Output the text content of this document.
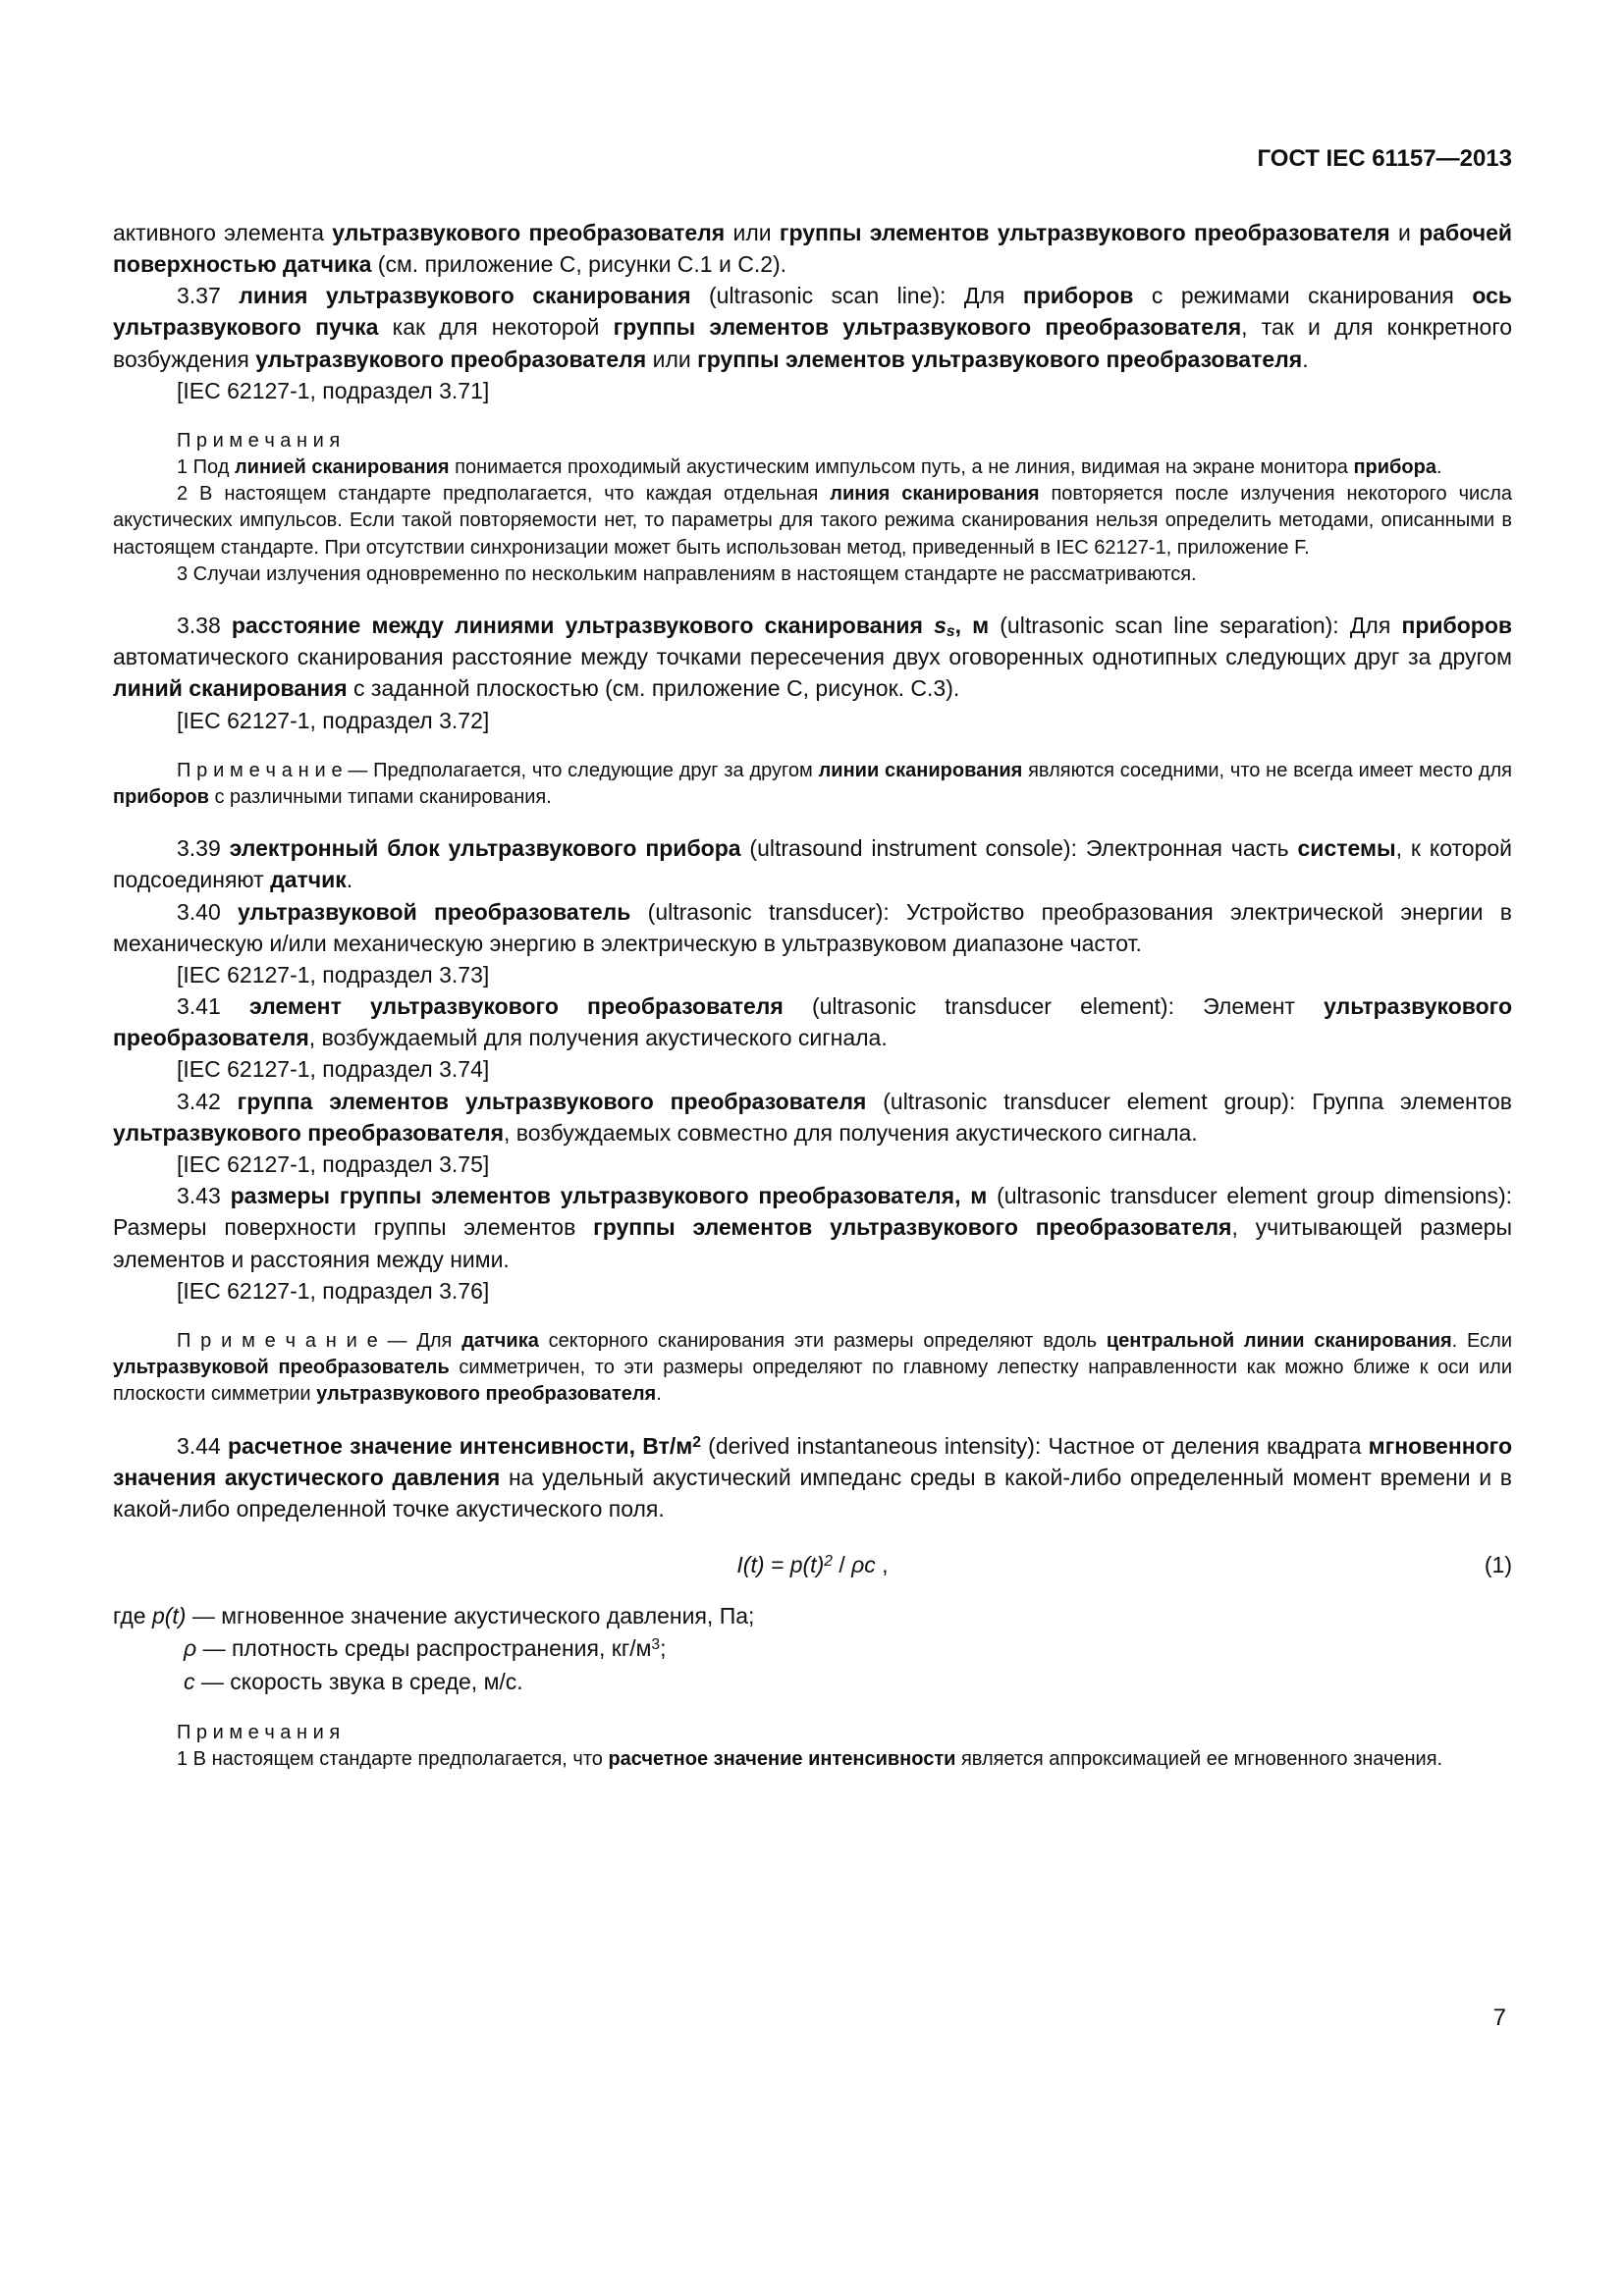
ГОСТ IEC 61157—2013

активного элемента ультразвукового преобразователя или группы элементов ультразвукового преобразователя и рабочей поверхностью датчика (см. приложение С, рисунки С.1 и С.2).

3.37 линия ультразвукового сканирования (ultrasonic scan line): Для приборов с режимами сканирования ось ультразвукового пучка как для некоторой группы элементов ультразвукового преобразователя, так и для конкретного возбуждения ультразвукового преобразователя или группы элементов ультразвукового преобразователя.

[IEC 62127-1, подраздел 3.71]

П р и м е ч а н и я

1 Под линией сканирования понимается проходимый акустическим импульсом путь, а не линия, видимая на экране монитора прибора.

2 В настоящем стандарте предполагается, что каждая отдельная линия сканирования повторяется после излучения некоторого числа акустических импульсов. Если такой повторяемости нет, то параметры для такого режима сканирования нельзя определить методами, описанными в настоящем стандарте. При отсутствии синхронизации может быть использован метод, приведенный в IEC 62127-1, приложение F.

3 Случаи излучения одновременно по нескольким направлениям в настоящем стандарте не рассматриваются.

3.38 расстояние между линиями ультразвукового сканирования $s_s$, м (ultrasonic scan line separation): Для приборов автоматического сканирования расстояние между точками пересечения двух оговоренных однотипных следующих друг за другом линий сканирования с заданной плоскостью (см. приложение С, рисунок. С.3).

[IEC 62127-1, подраздел 3.72]

П р и м е ч а н и е — Предполагается, что следующие друг за другом линии сканирования являются соседними, что не всегда имеет место для приборов с различными типами сканирования.

3.39 электронный блок ультразвукового прибора (ultrasound instrument console): Электронная часть системы, к которой подсоединяют датчик.

3.40 ультразвуковой преобразователь (ultrasonic transducer): Устройство преобразования электрической энергии в механическую и/или механическую энергию в электрическую в ультразвуковом диапазоне частот.

[IEC 62127-1, подраздел 3.73]

3.41 элемент ультразвукового преобразователя (ultrasonic transducer element): Элемент ультразвукового преобразователя, возбуждаемый для получения акустического сигнала.

[IEC 62127-1, подраздел 3.74]

3.42 группа элементов ультразвукового преобразователя (ultrasonic transducer element group): Группа элементов ультразвукового преобразователя, возбуждаемых совместно для получения акустического сигнала.

[IEC 62127-1, подраздел 3.75]

3.43 размеры группы элементов ультразвукового преобразователя, м (ultrasonic transducer element group dimensions): Размеры поверхности группы элементов группы элементов ультразвукового преобразователя, учитывающей размеры элементов и расстояния между ними.

[IEC 62127-1, подраздел 3.76]

П р и м е ч а н и е — Для датчика секторного сканирования эти размеры определяют вдоль центральной линии сканирования. Если ультразвуковой преобразователь симметричен, то эти размеры определяют по главному лепестку направленности как можно ближе к оси или плоскости симметрии ультразвукового преобразователя.

3.44 расчетное значение интенсивности, $Вт/м^2$ (derived instantaneous intensity): Частное от деления квадрата мгновенного значения акустического давления на удельный акустический импеданс среды в какой-либо определенный момент времени и в какой-либо определенной точке акустического поля.

$I(t) = p(t)^2 / \rho c$ ,	(1)

где p(t) — мгновенное значение акустического давления, Па;

ρ — плотность среды распространения, $кг/м^3$;

c — скорость звука в среде, м/с.

П р и м е ч а н и я

1 В настоящем стандарте предполагается, что расчетное значение интенсивности является аппроксимацией ее мгновенного значения.

7
